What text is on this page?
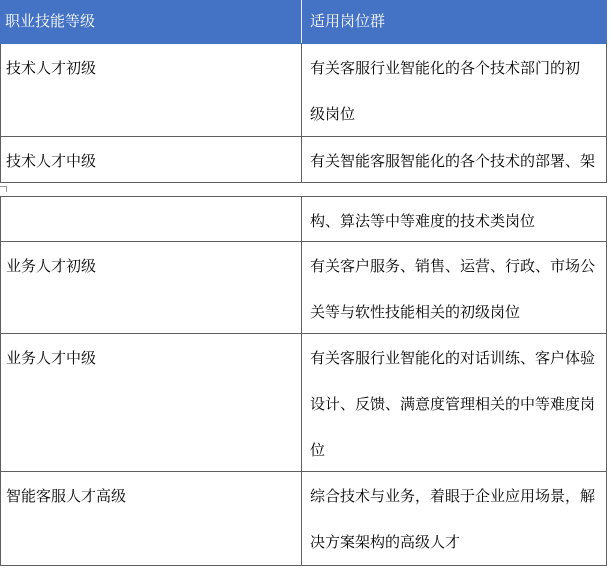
职业技能等级	适用岗位群
技术人才初级	有关客服行业智能化的各个技术部门的初
级岗位
技术人才中级	有关智能客服智能化的各个技术的部署、架
构、算法等中等难度的技术类岗位
业务人才初级	有关客户服务、销售、运营、行政、市场公
关等与软性技能相关的初级岗位
业务人才中级	有关客服行业智能化的对话训练、客户体验
设计、反馈、满意度管理相关的中等难度岗
位
智能客服人才高级	综合技术与业务，着眼于企业应用场景，解
决方案架构的高级人才
